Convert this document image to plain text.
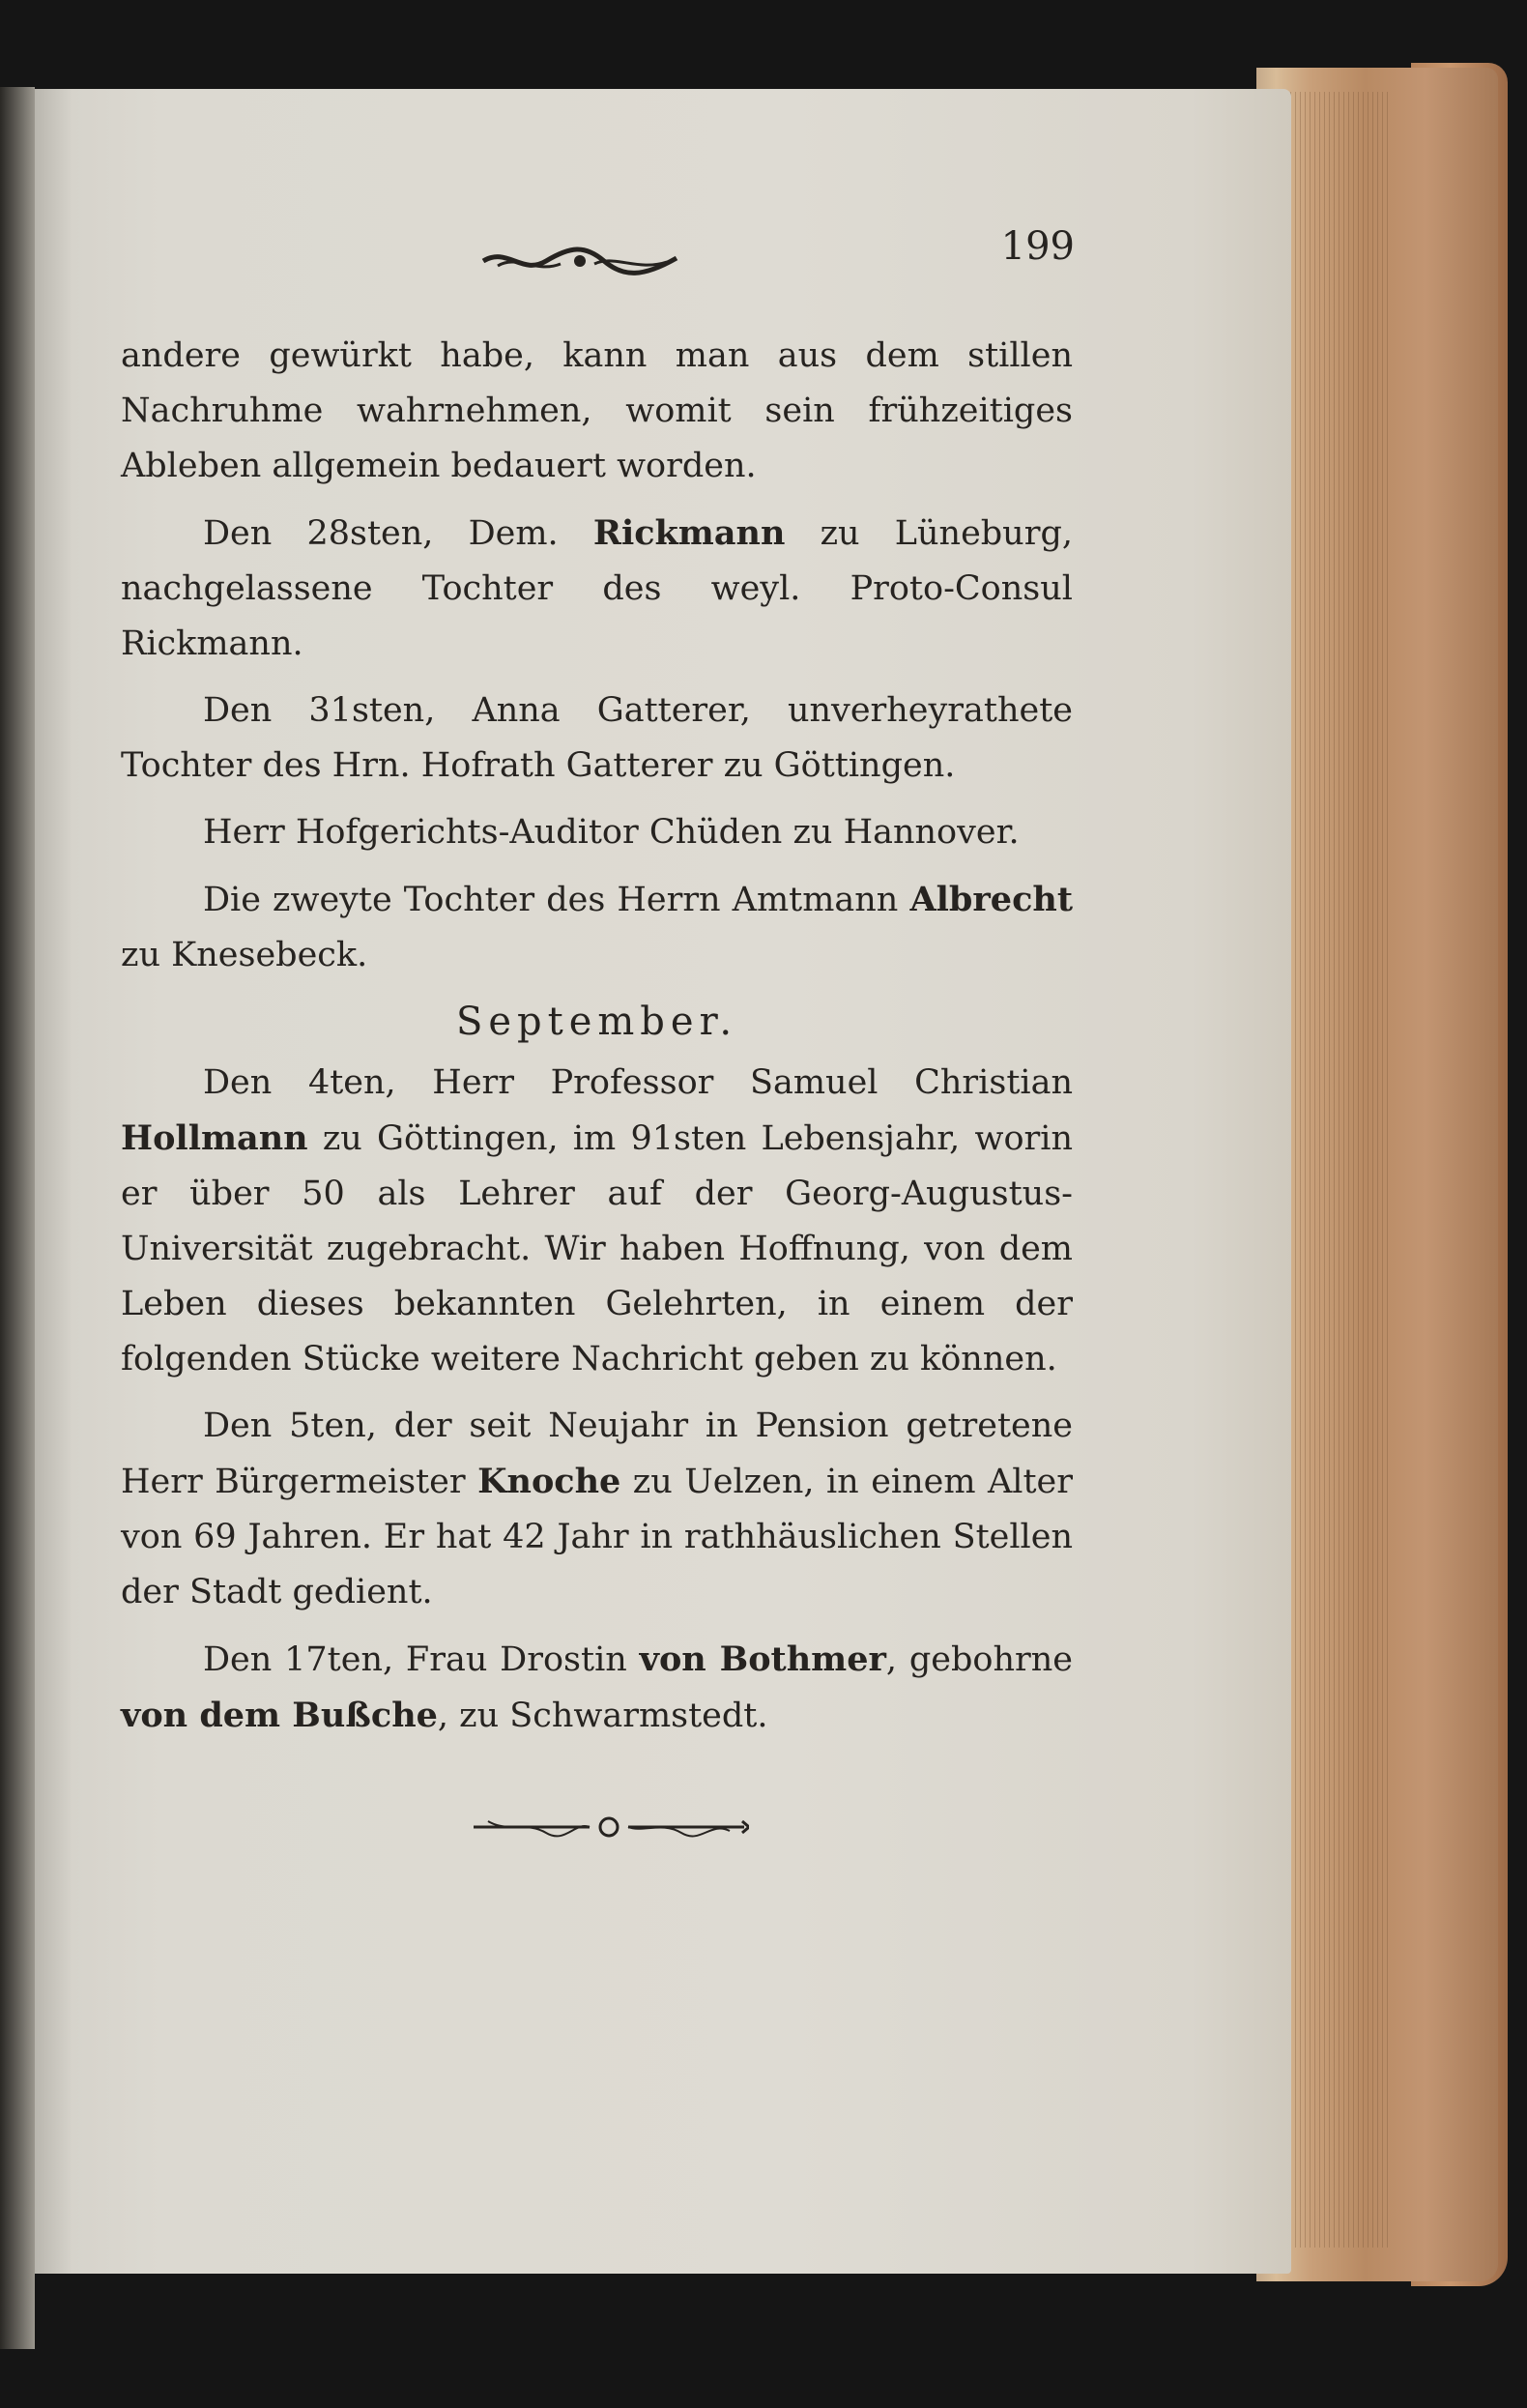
199

andere gewürkt habe, kann man aus dem stillen Nachruhme wahrnehmen, womit sein frühzeitiges Ableben allgemein bedauert worden.

Den 28sten, Dem. Rickmann zu Lüneburg, nachgelassene Tochter des weyl. Proto-Consul Rickmann.

Den 31sten, Anna Gatterer, unverheyrathete Tochter des Hrn. Hofrath Gatterer zu Göttingen.

Herr Hofgerichts-Auditor Chüden zu Hannover.

Die zweyte Tochter des Herrn Amtmann Albrecht zu Knesebeck.

September.

Den 4ten, Herr Professor Samuel Christian Hollmann zu Göttingen, im 91sten Lebensjahr, worin er über 50 als Lehrer auf der Georg-Augustus-Universität zugebracht. Wir haben Hoffnung, von dem Leben dieses bekannten Gelehrten, in einem der folgenden Stücke weitere Nachricht geben zu können.

Den 5ten, der seit Neujahr in Pension getretene Herr Bürgermeister Knoche zu Uelzen, in einem Alter von 69 Jahren. Er hat 42 Jahr in rathhäuslichen Stellen der Stadt gedient.

Den 17ten, Frau Drostin von Bothmer, gebohrne von dem Bußche, zu Schwarmstedt.
